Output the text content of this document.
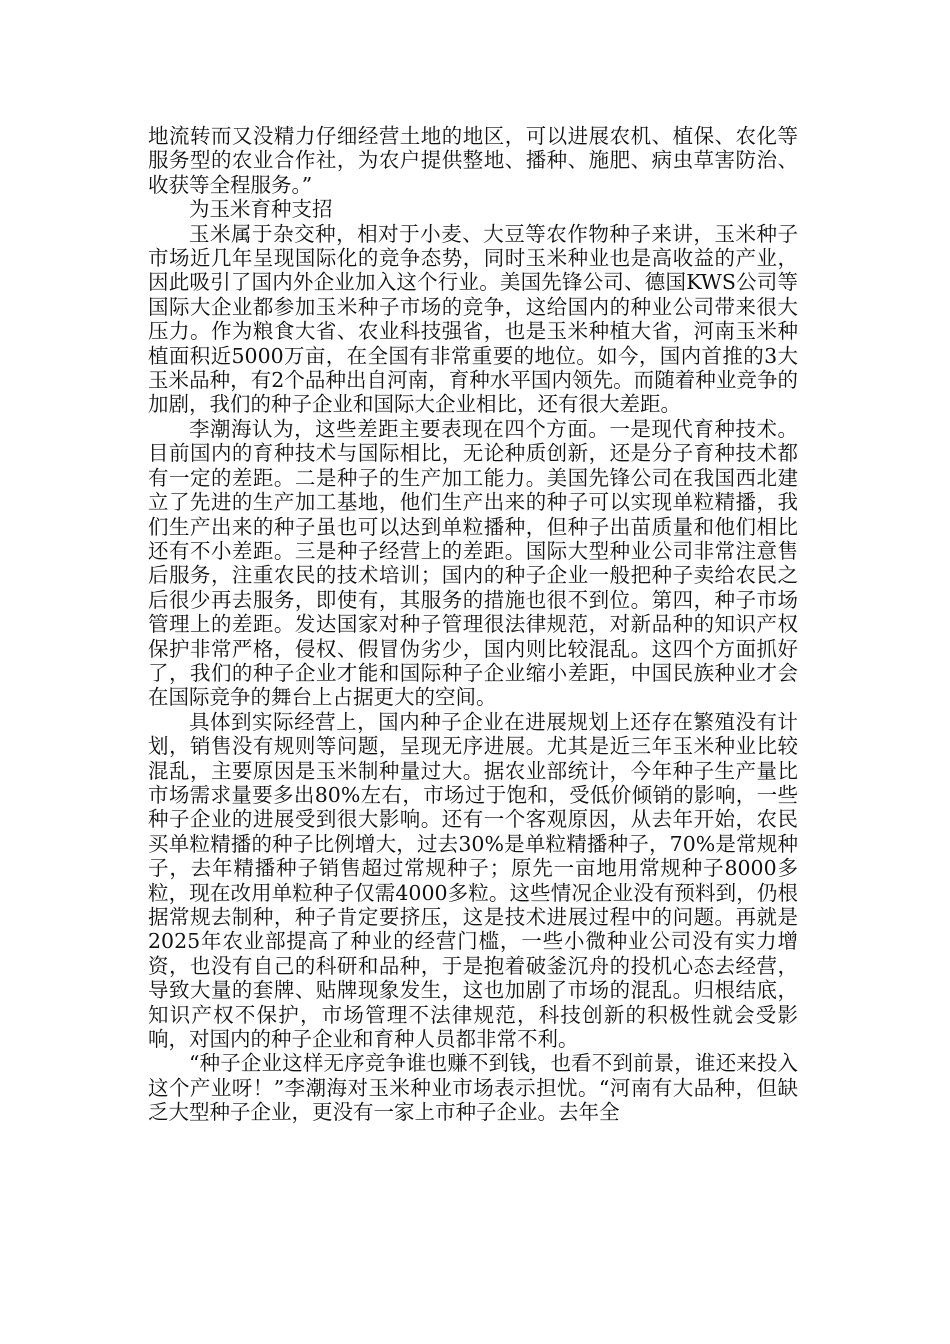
地流转而又没精力仔细经营土地的地区，可以进展农机、植保、农化等服务型的农业合作社，为农户提供整地、播种、施肥、病虫草害防治、收获等全程服务。”

为玉米育种支招

玉米属于杂交种，相对于小麦、大豆等农作物种子来讲，玉米种子市场近几年呈现国际化的竞争态势，同时玉米种业也是高收益的产业，因此吸引了国内外企业加入这个行业。美国先锋公司、德国KWS公司等国际大企业都参加玉米种子市场的竞争，这给国内的种业公司带来很大压力。作为粮食大省、农业科技强省，也是玉米种植大省，河南玉米种植面积近5000万亩，在全国有非常重要的地位。如今，国内首推的3大玉米品种，有2个品种出自河南，育种水平国内领先。而随着种业竞争的加剧，我们的种子企业和国际大企业相比，还有很大差距。

李潮海认为，这些差距主要表现在四个方面。一是现代育种技术。目前国内的育种技术与国际相比，无论种质创新，还是分子育种技术都有一定的差距。二是种子的生产加工能力。美国先锋公司在我国西北建立了先进的生产加工基地，他们生产出来的种子可以实现单粒精播，我们生产出来的种子虽也可以达到单粒播种，但种子出苗质量和他们相比还有不小差距。三是种子经营上的差距。国际大型种业公司非常注意售后服务，注重农民的技术培训；国内的种子企业一般把种子卖给农民之后很少再去服务，即使有，其服务的措施也很不到位。第四，种子市场管理上的差距。发达国家对种子管理很法律规范，对新品种的知识产权保护非常严格，侵权、假冒伪劣少，国内则比较混乱。这四个方面抓好了，我们的种子企业才能和国际种子企业缩小差距，中国民族种业才会在国际竞争的舞台上占据更大的空间。

具体到实际经营上，国内种子企业在进展规划上还存在繁殖没有计划，销售没有规则等问题，呈现无序进展。尤其是近三年玉米种业比较混乱，主要原因是玉米制种量过大。据农业部统计，今年种子生产量比市场需求量要多出80%左右，市场过于饱和，受低价倾销的影响，一些种子企业的进展受到很大影响。还有一个客观原因，从去年开始，农民买单粒精播的种子比例增大，过去30%是单粒精播种子，70%是常规种子，去年精播种子销售超过常规种子；原先一亩地用常规种子8000多粒，现在改用单粒种子仅需4000多粒。这些情况企业没有预料到，仍根据常规去制种，种子肯定要挤压，这是技术进展过程中的问题。再就是2025年农业部提高了种业的经营门槛，一些小微种业公司没有实力增资，也没有自己的科研和品种，于是抱着破釜沉舟的投机心态去经营，导致大量的套牌、贴牌现象发生，这也加剧了市场的混乱。归根结底，知识产权不保护，市场管理不法律规范，科技创新的积极性就会受影响，对国内的种子企业和育种人员都非常不利。

“种子企业这样无序竞争谁也赚不到钱，也看不到前景，谁还来投入这个产业呀！”李潮海对玉米种业市场表示担忧。“河南有大品种，但缺乏大型种子企业，更没有一家上市种子企业。去年全
